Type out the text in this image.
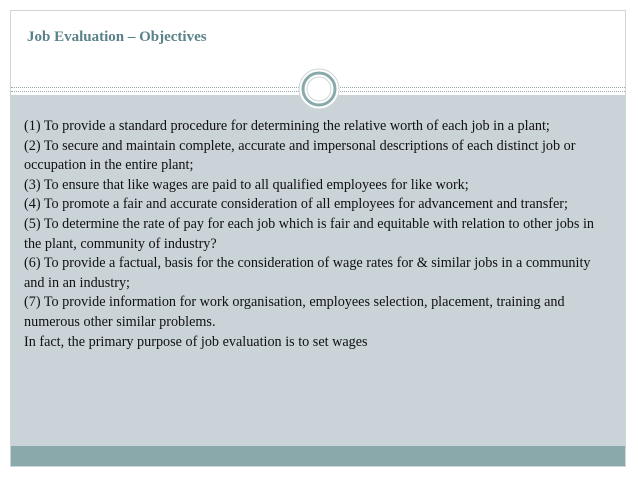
Job Evaluation – Objectives

(1) To provide a standard procedure for determining the relative worth of each job in a plant;

(2) To secure and maintain complete, accurate and impersonal descriptions of each distinct job or occupation in the entire plant;

(3) To ensure that like wages are paid to all qualified employees for like work;

(4) To promote a fair and accurate consideration of all employees for advancement and transfer;

(5) To determine the rate of pay for each job which is fair and equitable with relation to other jobs in the plant, community of industry?

(6) To provide a factual, basis for the consideration of wage rates for & similar jobs in a community and in an industry;

(7) To provide information for work organisation, employees selection, placement, training and numerous other similar problems.

In fact, the primary purpose of job evaluation is to set wages
